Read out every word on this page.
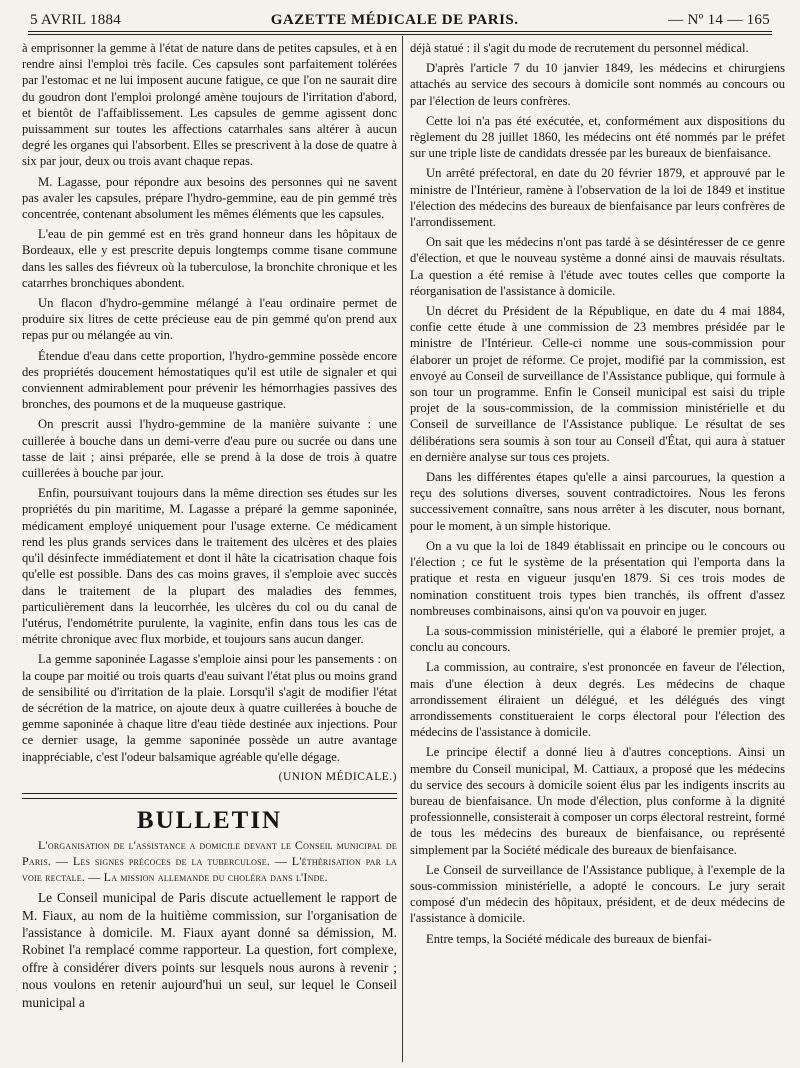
5 AVRIL 1884	GAZETTE MÉDICALE DE PARIS.	— Nº 14 — 165

à emprisonner la gemme à l'état de nature dans de petites capsules, et à en rendre ainsi l'emploi très facile. Ces capsules sont parfaitement tolérées par l'estomac et ne lui imposent aucune fatigue, ce que l'on ne saurait dire du goudron dont l'emploi prolongé amène toujours de l'irritation d'abord, et bientôt de l'affaiblissement. Les capsules de gemme agissent donc puissamment sur toutes les affections catarrhales sans altérer à aucun degré les organes qui l'absorbent. Elles se prescrivent à la dose de quatre à six par jour, deux ou trois avant chaque repas.

M. Lagasse, pour répondre aux besoins des personnes qui ne savent pas avaler les capsules, prépare l'hydro-gemmine, eau de pin gemmé très concentrée, contenant absolument les mêmes éléments que les capsules.

L'eau de pin gemmé est en très grand honneur dans les hôpitaux de Bordeaux, elle y est prescrite depuis longtemps comme tisane commune dans les salles des fiévreux où la tuberculose, la bronchite chronique et les catarrhes bronchiques abondent.

Un flacon d'hydro-gemmine mélangé à l'eau ordinaire permet de produire six litres de cette précieuse eau de pin gemmé qu'on prend aux repas pur ou mélangée au vin.

Étendue d'eau dans cette proportion, l'hydro-gemmine possède encore des propriétés doucement hémostatiques qu'il est utile de signaler et qui conviennent admirablement pour prévenir les hémorrhagies passives des bronches, des poumons et de la muqueuse gastrique.

On prescrit aussi l'hydro-gemmine de la manière suivante : une cuillerée à bouche dans un demi-verre d'eau pure ou sucrée ou dans une tasse de lait ; ainsi préparée, elle se prend à la dose de trois à quatre cuillerées à bouche par jour.

Enfin, poursuivant toujours dans la même direction ses études sur les propriétés du pin maritime, M. Lagasse a préparé la gemme saponinée, médicament employé uniquement pour l'usage externe. Ce médicament rend les plus grands services dans le traitement des ulcères et des plaies qu'il désinfecte immédiatement et dont il hâte la cicatrisation chaque fois qu'elle est possible. Dans des cas moins graves, il s'emploie avec succès dans le traitement de la plupart des maladies des femmes, particulièrement dans la leucorrhée, les ulcères du col ou du canal de l'utérus, l'endométrite purulente, la vaginite, enfin dans tous les cas de métrite chronique avec flux morbide, et toujours sans aucun danger.

La gemme saponinée Lagasse s'emploie ainsi pour les pansements : on la coupe par moitié ou trois quarts d'eau suivant l'état plus ou moins grand de sensibilité ou d'irritation de la plaie. Lorsqu'il s'agit de modifier l'état de sécrétion de la matrice, on ajoute deux à quatre cuillerées à bouche de gemme saponinée à chaque litre d'eau tiède destinée aux injections. Pour ce dernier usage, la gemme saponinée possède un autre avantage inappréciable, c'est l'odeur balsamique agréable qu'elle dégage.

(UNION MÉDICALE.)

BULLETIN

L'organisation de l'assistance a domicile devant le Conseil municipal de Paris. — Les signes précoces de la tuberculose. — L'éthérisation par la voie rectale. — La mission allemande du choléra dans l'Inde.

Le Conseil municipal de Paris discute actuellement le rapport de M. Fiaux, au nom de la huitième commission, sur l'organisation de l'assistance à domicile. M. Fiaux ayant donné sa démission, M. Robinet l'a remplacé comme rapporteur. La question, fort complexe, offre à considérer divers points sur lesquels nous aurons à revenir ; nous voulons en retenir aujourd'hui un seul, sur lequel le Conseil municipal a

déjà statué : il s'agit du mode de recrutement du personnel médical.

D'après l'article 7 du 10 janvier 1849, les médecins et chirurgiens attachés au service des secours à domicile sont nommés au concours ou par l'élection de leurs confrères.

Cette loi n'a pas été exécutée, et, conformément aux dispositions du règlement du 28 juillet 1860, les médecins ont été nommés par le préfet sur une triple liste de candidats dressée par les bureaux de bienfaisance.

Un arrêté préfectoral, en date du 20 février 1879, et approuvé par le ministre de l'Intérieur, ramène à l'observation de la loi de 1849 et institue l'élection des médecins des bureaux de bienfaisance par leurs confrères de l'arrondissement.

On sait que les médecins n'ont pas tardé à se désintéresser de ce genre d'élection, et que le nouveau système a donné ainsi de mauvais résultats. La question a été remise à l'étude avec toutes celles que comporte la réorganisation de l'assistance à domicile.

Un décret du Président de la République, en date du 4 mai 1884, confie cette étude à une commission de 23 membres présidée par le ministre de l'Intérieur. Celle-ci nomme une sous-commission pour élaborer un projet de réforme. Ce projet, modifié par la commission, est envoyé au Conseil de surveillance de l'Assistance publique, qui formule à son tour un programme. Enfin le Conseil municipal est saisi du triple projet de la sous-commission, de la commission ministérielle et du Conseil de surveillance de l'Assistance publique. Le résultat de ses délibérations sera soumis à son tour au Conseil d'État, qui aura à statuer en dernière analyse sur tous ces projets.

Dans les différentes étapes qu'elle a ainsi parcourues, la question a reçu des solutions diverses, souvent contradictoires. Nous les ferons successivement connaître, sans nous arrêter à les discuter, nous bornant, pour le moment, à un simple historique.

On a vu que la loi de 1849 établissait en principe ou le concours ou l'élection ; ce fut le système de la présentation qui l'emporta dans la pratique et resta en vigueur jusqu'en 1879. Si ces trois modes de nomination constituent trois types bien tranchés, ils offrent d'assez nombreuses combinaisons, ainsi qu'on va pouvoir en juger.

La sous-commission ministérielle, qui a élaboré le premier projet, a conclu au concours.

La commission, au contraire, s'est prononcée en faveur de l'élection, mais d'une élection à deux degrés. Les médecins de chaque arrondissement éliraient un délégué, et les délégués des vingt arrondissements constitueraient le corps électoral pour l'élection des médecins de l'assistance à domicile.

Le principe électif a donné lieu à d'autres conceptions. Ainsi un membre du Conseil municipal, M. Cattiaux, a proposé que les médecins du service des secours à domicile soient élus par les indigents inscrits au bureau de bienfaisance. Un mode d'élection, plus conforme à la dignité professionnelle, consisterait à composer un corps électoral restreint, formé de tous les médecins des bureaux de bienfaisance, ou représenté simplement par la Société médicale des bureaux de bienfaisance.

Le Conseil de surveillance de l'Assistance publique, à l'exemple de la sous-commission ministérielle, a adopté le concours. Le jury serait composé d'un médecin des hôpitaux, président, et de deux médecins de l'assistance à domicile.

Entre temps, la Société médicale des bureaux de bienfai-
